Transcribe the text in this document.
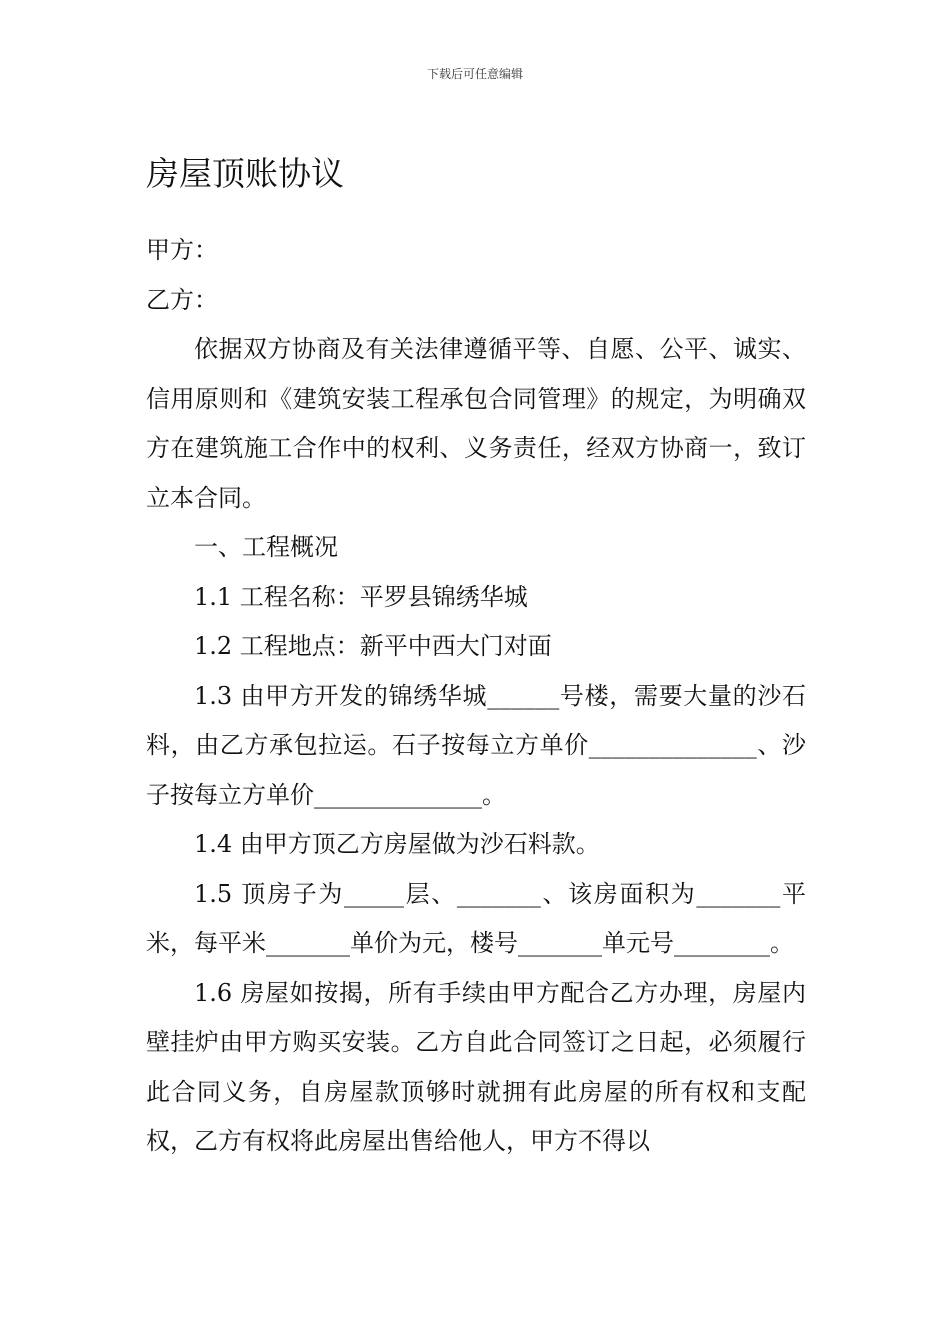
下载后可任意编辑
房屋顶账协议

甲方：

乙方：

依据双方协商及有关法律遵循平等、自愿、公平、诚实、信用原则和《建筑安装工程承包合同管理》的规定，为明确双方在建筑施工合作中的权利、义务责任，经双方协商一，致订立本合同。

一、工程概况

1.1 工程名称：平罗县锦绣华城

1.2 工程地点：新平中西大门对面

1.3 由甲方开发的锦绣华城______号楼，需要大量的沙石料，由乙方承包拉运。石子按每立方单价______________、沙子按每立方单价______________。

1.4 由甲方顶乙方房屋做为沙石料款。

1.5 顶房子为_____层、_______、该房面积为_______平米，每平米_______单价为元，楼号_______单元号________。

1.6 房屋如按揭，所有手续由甲方配合乙方办理，房屋内壁挂炉由甲方购买安装。乙方自此合同签订之日起，必须履行此合同义务，自房屋款顶够时就拥有此房屋的所有权和支配权，乙方有权将此房屋出售给他人，甲方不得以
